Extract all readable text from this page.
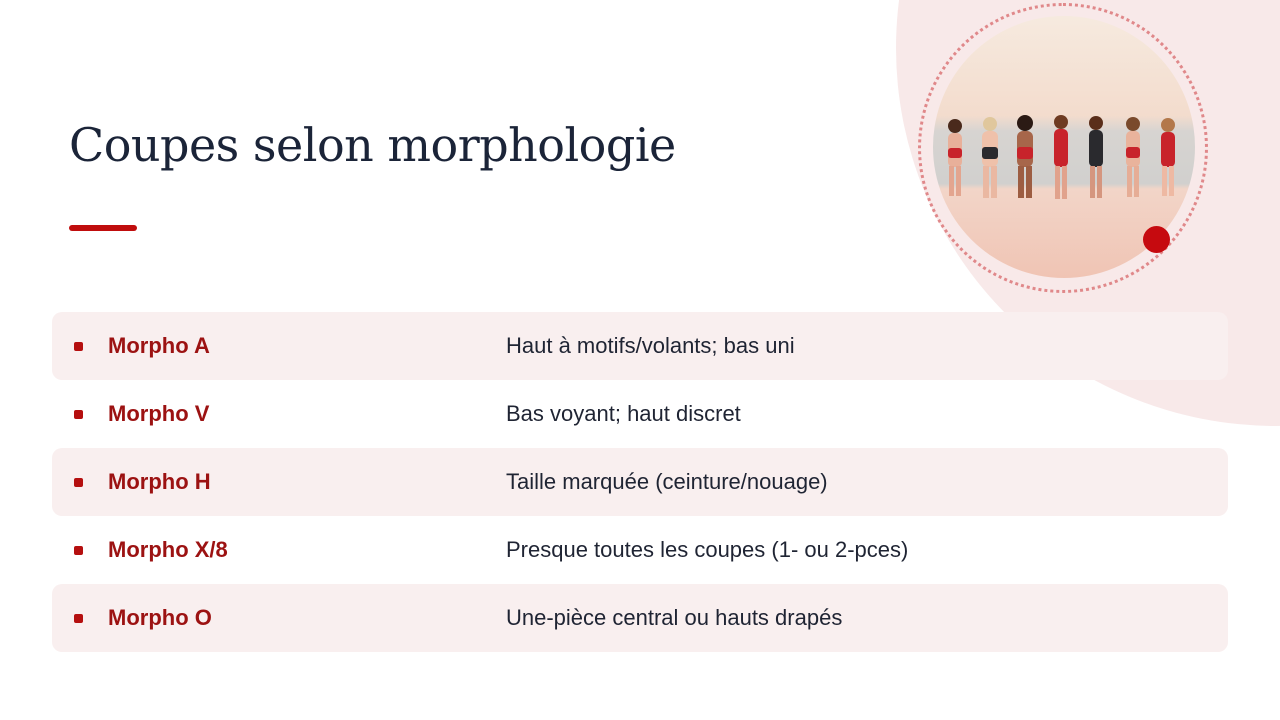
Coupes selon morphologie
Morpho A	Haut à motifs/volants; bas uni
Morpho V	Bas voyant; haut discret
Morpho H	Taille marquée (ceinture/nouage)
Morpho X/8	Presque toutes les coupes (1- ou 2-pces)
Morpho O	Une-pièce central ou hauts drapés
